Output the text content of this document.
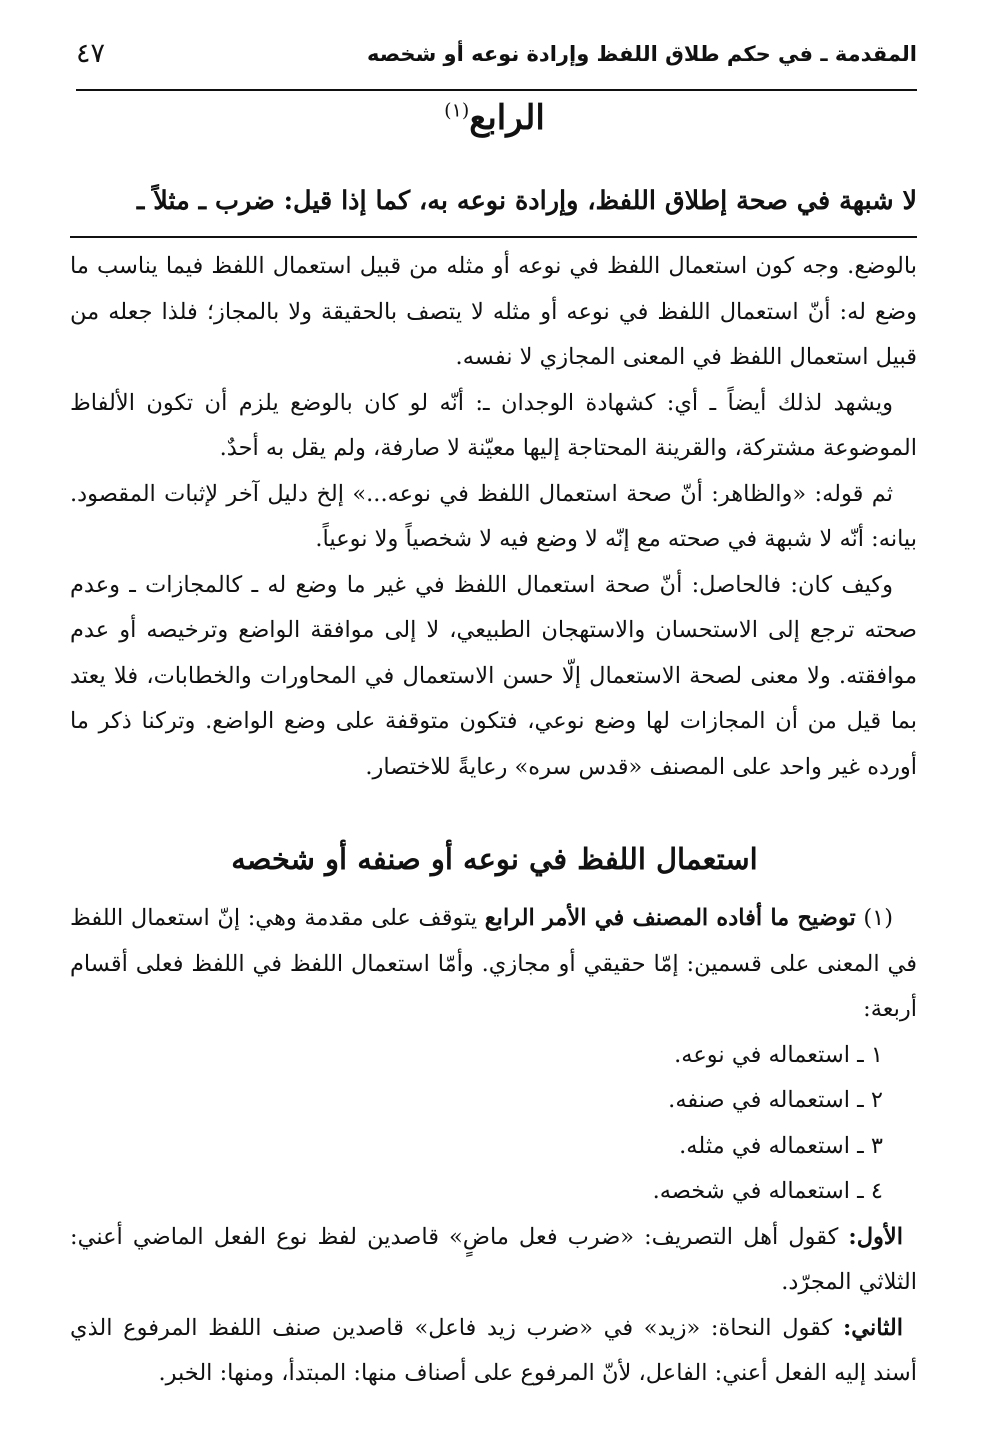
المقدمة ـ في حكم طلاق اللفظ وإرادة نوعه أو شخصه
٤٧
الرابع$^{(١)}$
لا شبهة في صحة إطلاق اللفظ، وإرادة نوعه به، كما إذا قيل: ضرب ـ مثلاً ـ

بالوضع. وجه كون استعمال اللفظ في نوعه أو مثله من قبيل استعمال اللفظ فيما يناسب ما وضع له: أنّ استعمال اللفظ في نوعه أو مثله لا يتصف بالحقيقة ولا بالمجاز؛ فلذا جعله من قبيل استعمال اللفظ في المعنى المجازي لا نفسه.

ويشهد لذلك أيضاً ـ أي: كشهادة الوجدان ـ: أنّه لو كان بالوضع يلزم أن تكون الألفاظ الموضوعة مشتركة، والقرينة المحتاجة إليها معيّنة لا صارفة، ولم يقل به أحدٌ.

ثم قوله: «والظاهر: أنّ صحة استعمال اللفظ في نوعه...» إلخ دليل آخر لإثبات المقصود. بيانه: أنّه لا شبهة في صحته مع إنّه لا وضع فيه لا شخصياً ولا نوعياً.

وكيف كان: فالحاصل: أنّ صحة استعمال اللفظ في غير ما وضع له ـ كالمجازات ـ وعدم صحته ترجع إلى الاستحسان والاستهجان الطبيعي، لا إلى موافقة الواضع وترخيصه أو عدم موافقته. ولا معنى لصحة الاستعمال إلّا حسن الاستعمال في المحاورات والخطابات، فلا يعتد بما قيل من أن المجازات لها وضع نوعي، فتكون متوقفة على وضع الواضع. وتركنا ذكر ما أورده غير واحد على المصنف «قدس سره» رعايةً للاختصار.

استعمال اللفظ في نوعه أو صنفه أو شخصه

(١) توضيح ما أفاده المصنف في الأمر الرابع يتوقف على مقدمة وهي: إنّ استعمال اللفظ في المعنى على قسمين: إمّا حقيقي أو مجازي. وأمّا استعمال اللفظ في اللفظ فعلى أقسام أربعة:

١ ـ استعماله في نوعه.

٢ ـ استعماله في صنفه.

٣ ـ استعماله في مثله.

٤ ـ استعماله في شخصه.

الأول: كقول أهل التصريف: «ضرب فعل ماضٍ» قاصدين لفظ نوع الفعل الماضي أعني: الثلاثي المجرّد.

الثاني: كقول النحاة: «زيد» في «ضرب زيد فاعل» قاصدين صنف اللفظ المرفوع الذي أسند إليه الفعل أعني: الفاعل، لأنّ المرفوع على أصناف منها: المبتدأ، ومنها: الخبر.
